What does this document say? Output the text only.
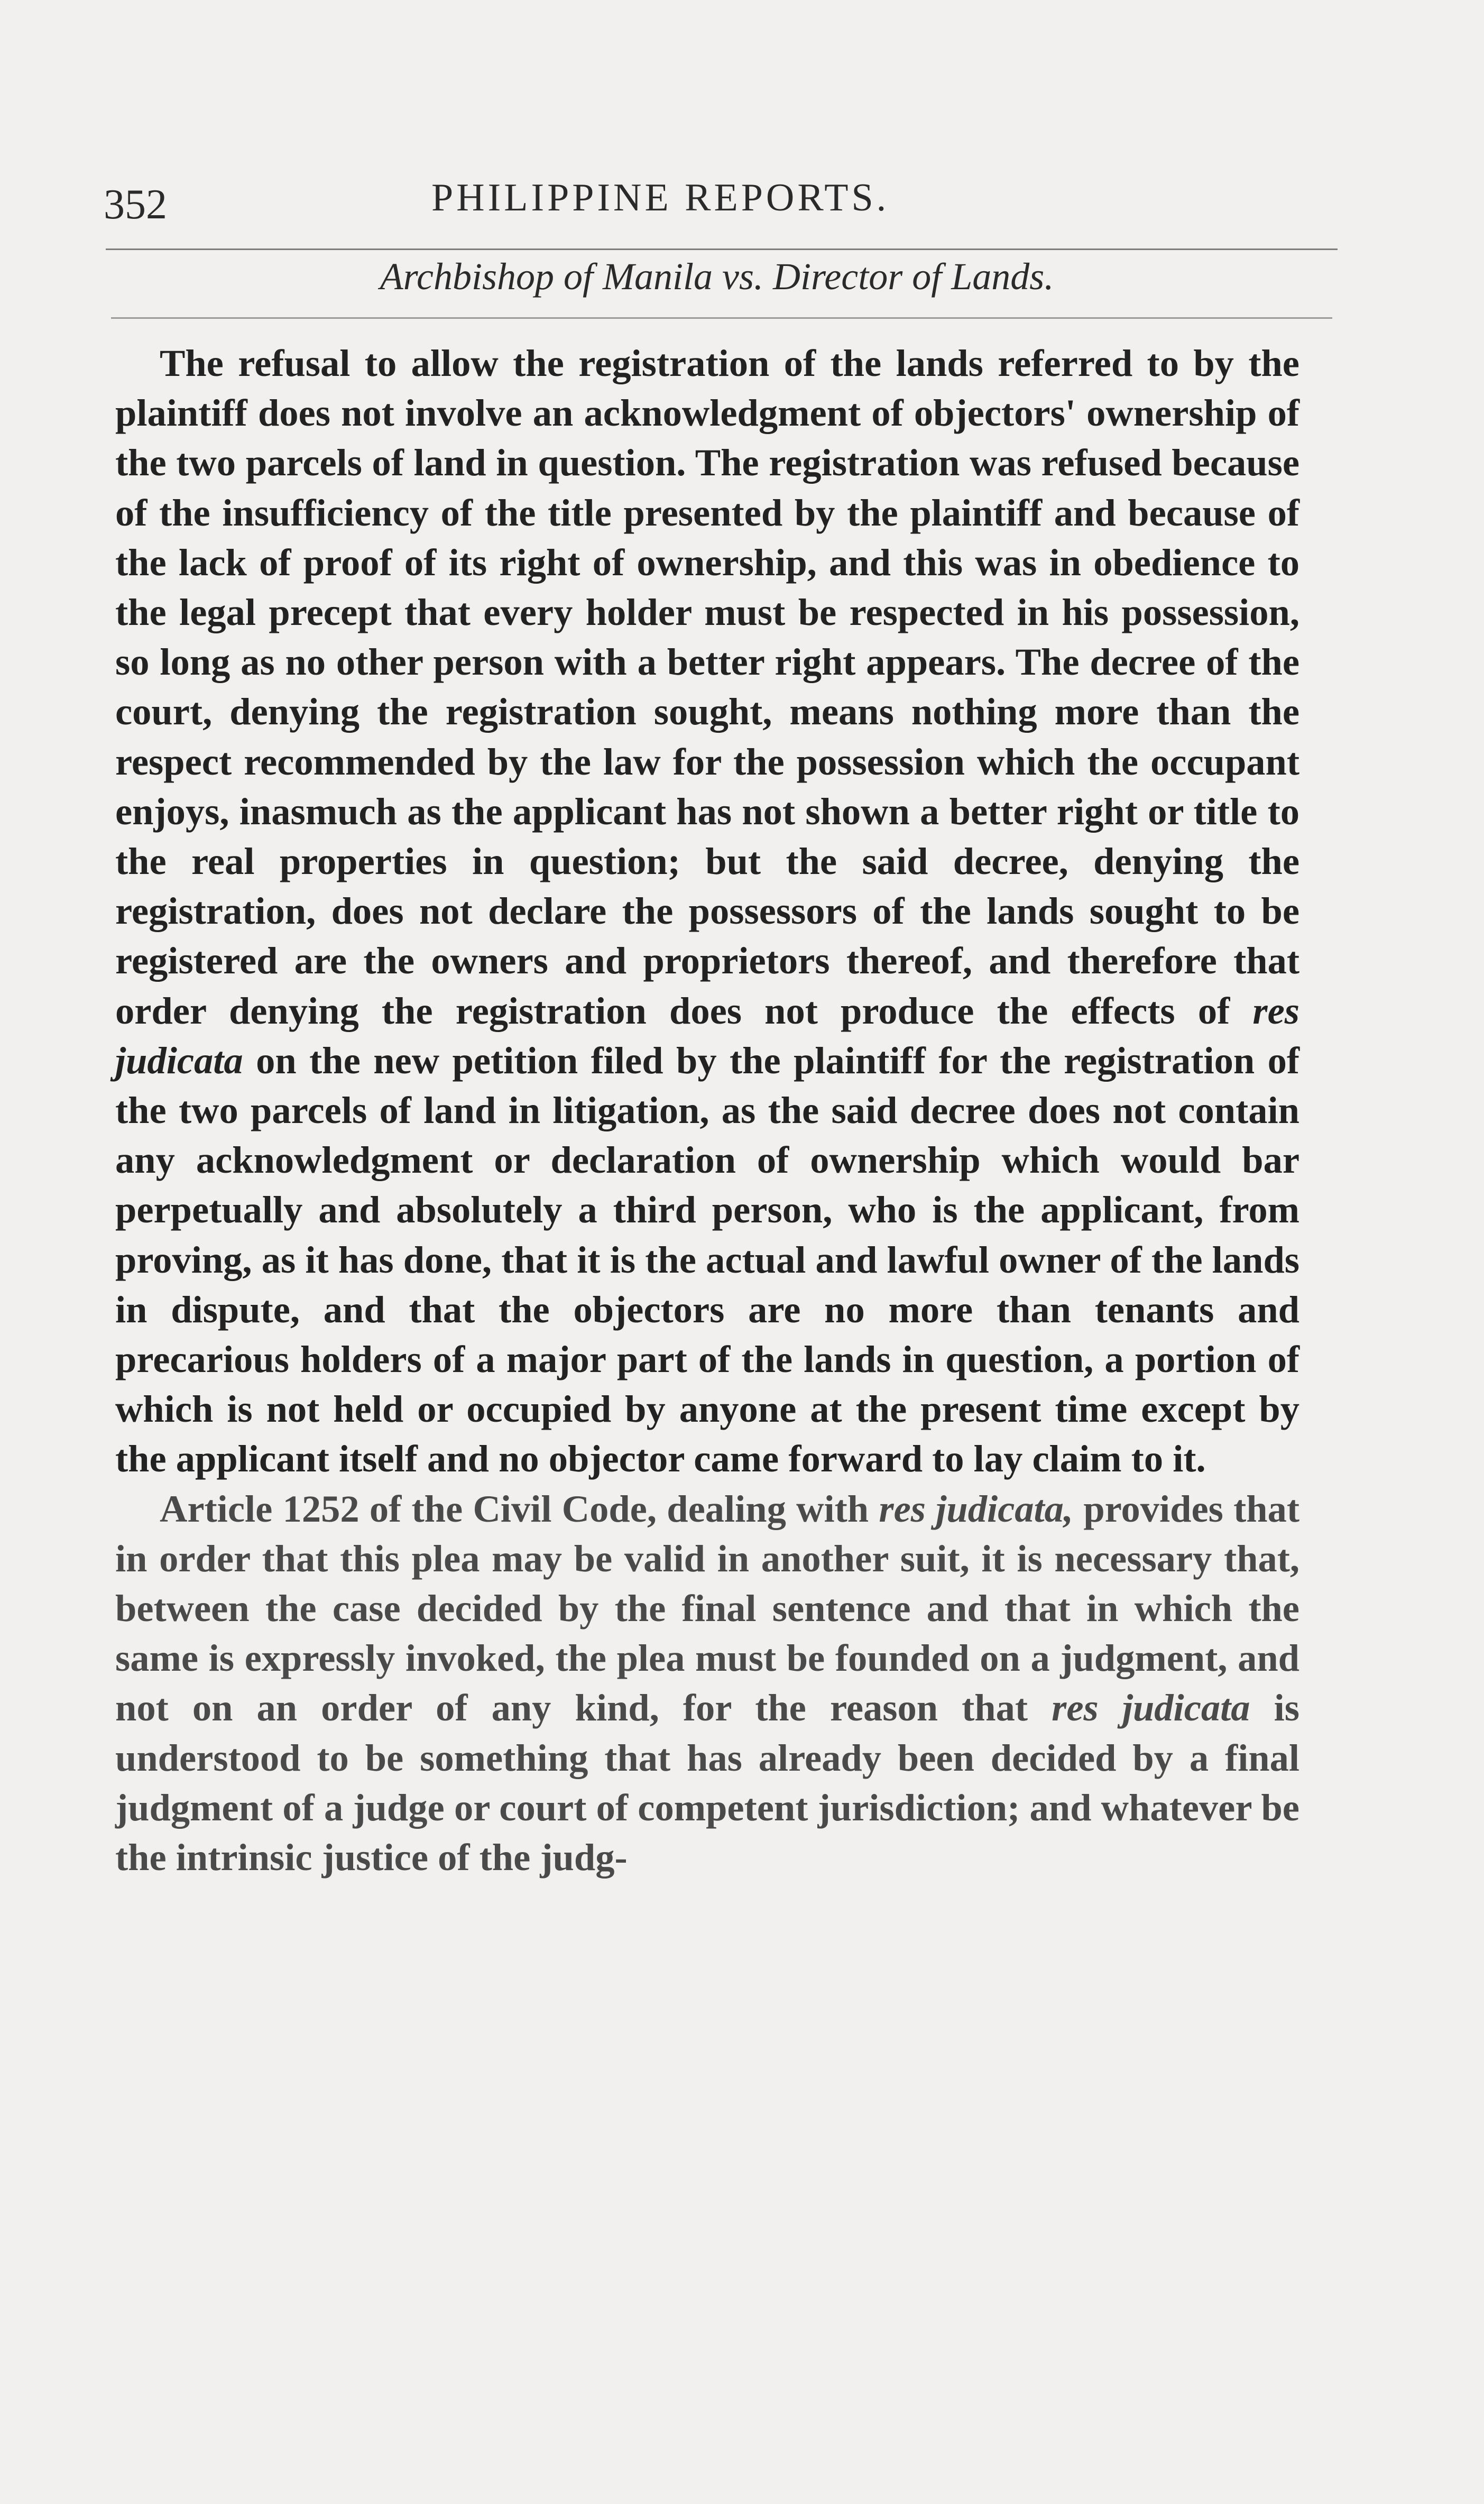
352	PHILIPPINE REPORTS.
Archbishop of Manila vs. Director of Lands.

The refusal to allow the registration of the lands referred to by the plaintiff does not involve an acknowledgment of objectors' ownership of the two parcels of land in question. The registration was refused because of the insufficiency of the title presented by the plaintiff and because of the lack of proof of its right of ownership, and this was in obedience to the legal precept that every holder must be respected in his possession, so long as no other person with a better right appears. The decree of the court, denying the registration sought, means nothing more than the respect recommended by the law for the possession which the occupant enjoys, inasmuch as the applicant has not shown a better right or title to the real properties in question; but the said decree, denying the registration, does not declare the possessors of the lands sought to be registered are the owners and proprietors thereof, and therefore that order denying the registration does not produce the effects of res judicata on the new petition filed by the plaintiff for the registration of the two parcels of land in litigation, as the said decree does not contain any acknowledgment or declaration of ownership which would bar perpetually and absolutely a third person, who is the applicant, from proving, as it has done, that it is the actual and lawful owner of the lands in dispute, and that the objectors are no more than tenants and precarious holders of a major part of the lands in question, a portion of which is not held or occupied by anyone at the present time except by the applicant itself and no objector came forward to lay claim to it.

Article 1252 of the Civil Code, dealing with res judicata, provides that in order that this plea may be valid in another suit, it is necessary that, between the case decided by the final sentence and that in which the same is expressly invoked, the plea must be founded on a judgment, and not on an order of any kind, for the reason that res judicata is understood to be something that has already been decided by a final judgment of a judge or court of competent jurisdiction; and whatever be the intrinsic justice of the judg-
